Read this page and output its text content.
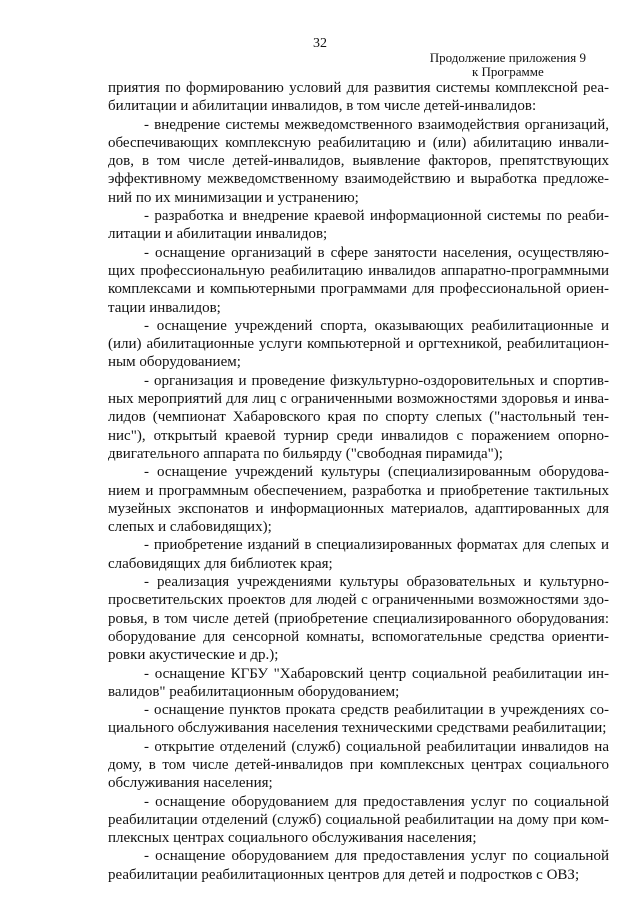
32
Продолжение приложения 9
к Программе

приятия по формированию условий для развития системы комплексной реа-
билитации и абилитации инвалидов, в том числе детей-инвалидов:

- внедрение системы межведомственного взаимодействия организаций,
обеспечивающих комплексную реабилитацию и (или) абилитацию инвали-
дов, в том числе детей-инвалидов, выявление факторов, препятствующих
эффективному межведомственному взаимодействию и выработка предложе-
ний по их минимизации и устранению;

- разработка и внедрение краевой информационной системы по реаби-
литации и абилитации инвалидов;

- оснащение организаций в сфере занятости населения, осуществляю-
щих профессиональную реабилитацию инвалидов аппаратно-программными
комплексами и компьютерными программами для профессиональной ориен-
тации инвалидов;

- оснащение учреждений спорта, оказывающих реабилитационные и
(или) абилитационные услуги компьютерной и оргтехникой, реабилитацион-
ным оборудованием;

- организация и проведение физкультурно-оздоровительных и спортив-
ных мероприятий для лиц с ограниченными возможностями здоровья и инва-
лидов (чемпионат Хабаровского края по спорту слепых ("настольный тен-
нис"), открытый краевой турнир среди инвалидов с поражением опорно-
двигательного аппарата по бильярду ("свободная пирамида");

- оснащение учреждений культуры (специализированным оборудова-
нием и программным обеспечением, разработка и приобретение тактильных
музейных экспонатов и информационных материалов, адаптированных для
слепых и слабовидящих);

- приобретение изданий в специализированных форматах для слепых и
слабовидящих для библиотек края;

- реализация учреждениями культуры образовательных и культурно-
просветительских проектов для людей с ограниченными возможностями здо-
ровья, в том числе детей (приобретение специализированного оборудования:
оборудование для сенсорной комнаты, вспомогательные средства ориенти-
ровки акустические и др.);

- оснащение КГБУ "Хабаровский центр социальной реабилитации ин-
валидов" реабилитационным оборудованием;

- оснащение пунктов проката средств реабилитации в учреждениях со-
циального обслуживания населения техническими средствами реабилитации;

- открытие отделений (служб) социальной реабилитации инвалидов на
дому, в том числе детей-инвалидов при комплексных центрах социального
обслуживания населения;

- оснащение оборудованием для предоставления услуг по социальной
реабилитации отделений (служб) социальной реабилитации на дому при ком-
плексных центрах социального обслуживания населения;

- оснащение оборудованием для предоставления услуг по социальной
реабилитации реабилитационных центров для детей и подростков с ОВЗ;
